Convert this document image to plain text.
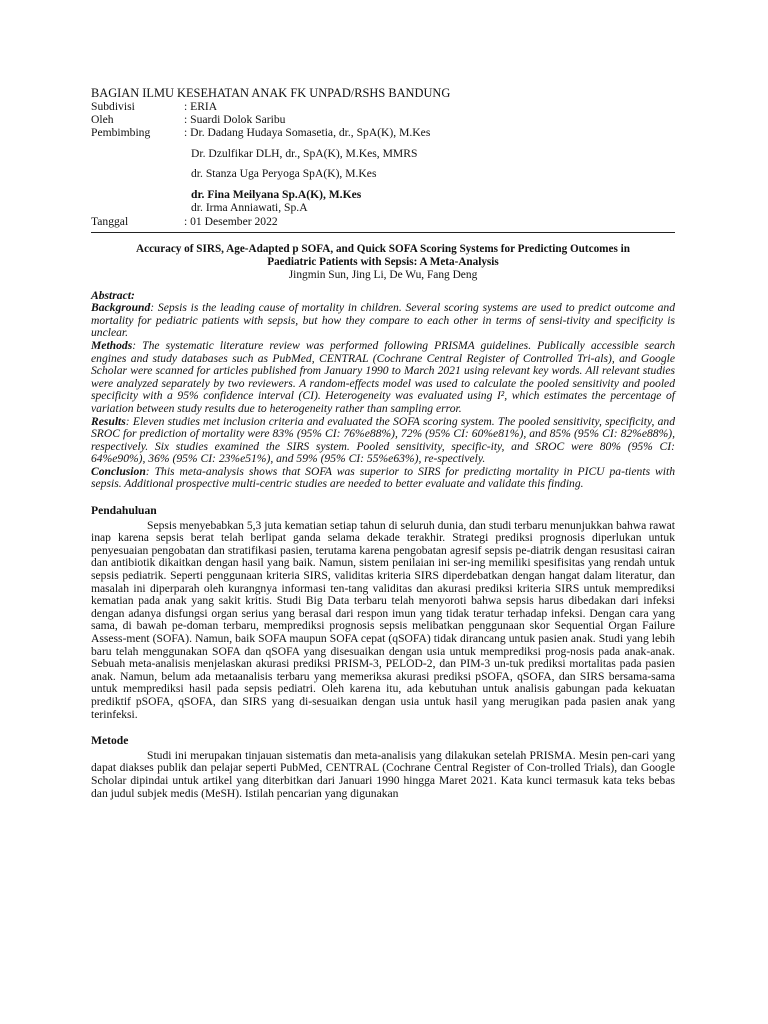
BAGIAN ILMU KESEHATAN ANAK FK UNPAD/RSHS BANDUNG
Subdivisi	: ERIA
Oleh	: Suardi Dolok Saribu
Pembimbing	: Dr. Dadang Hudaya Somasetia, dr., SpA(K), M.Kes
Dr. Dzulfikar DLH, dr., SpA(K), M.Kes, MMRS
dr. Stanza Uga Peryoga SpA(K), M.Kes
dr. Fina Meilyana Sp.A(K), M.Kes
dr. Irma Anniawati, Sp.A
Tanggal	: 01 Desember 2022
Accuracy of SIRS, Age-Adapted p SOFA, and Quick SOFA Scoring Systems for Predicting Outcomes in
Paediatric Patients with Sepsis: A Meta-Analysis
Jingmin Sun, Jing Li, De Wu, Fang Deng
Abstract:
Background: Sepsis is the leading cause of mortality in children. Several scoring systems are used to predict outcome and mortality for pediatric patients with sepsis, but how they compare to each other in terms of sensi-tivity and specificity is unclear.
Methods: The systematic literature review was performed following PRISMA guidelines. Publically accessible search engines and study databases such as PubMed, CENTRAL (Cochrane Central Register of Controlled Tri-als), and Google Scholar were scanned for articles published from January 1990 to March 2021 using relevant key words. All relevant studies were analyzed separately by two reviewers. A random-effects model was used to calculate the pooled sensitivity and pooled specificity with a 95% confidence interval (CI). Heterogeneity was evaluated using I², which estimates the percentage of variation between study results due to heterogeneity rather than sampling error.
Results: Eleven studies met inclusion criteria and evaluated the SOFA scoring system. The pooled sensitivity, specificity, and SROC for prediction of mortality were 83% (95% CI: 76%e88%), 72% (95% CI: 60%e81%), and 85% (95% CI: 82%e88%), respectively. Six studies examined the SIRS system. Pooled sensitivity, specific-ity, and SROC were 80% (95% CI: 64%e90%), 36% (95% CI: 23%e51%), and 59% (95% CI: 55%e63%), re-spectively.
Conclusion: This meta-analysis shows that SOFA was superior to SIRS for predicting mortality in PICU pa-tients with sepsis. Additional prospective multi-centric studies are needed to better evaluate and validate this finding.
Pendahuluan
Sepsis menyebabkan 5,3 juta kematian setiap tahun di seluruh dunia, dan studi terbaru menunjukkan bahwa rawat inap karena sepsis berat telah berlipat ganda selama dekade terakhir. Strategi prediksi prognosis diperlukan untuk penyesuaian pengobatan dan stratifikasi pasien, terutama karena pengobatan agresif sepsis pe-diatrik dengan resusitasi cairan dan antibiotik dikaitkan dengan hasil yang baik. Namun, sistem penilaian ini ser-ing memiliki spesifisitas yang rendah untuk sepsis pediatrik. Seperti penggunaan kriteria SIRS, validitas kriteria SIRS diperdebatkan dengan hangat dalam literatur, dan masalah ini diperparah oleh kurangnya informasi ten-tang validitas dan akurasi prediksi kriteria SIRS untuk memprediksi kematian pada anak yang sakit kritis. Studi Big Data terbaru telah menyoroti bahwa sepsis harus dibedakan dari infeksi dengan adanya disfungsi organ serius yang berasal dari respon imun yang tidak teratur terhadap infeksi. Dengan cara yang sama, di bawah pe-doman terbaru, memprediksi prognosis sepsis melibatkan penggunaan skor Sequential Organ Failure Assess-ment (SOFA). Namun, baik SOFA maupun SOFA cepat (qSOFA) tidak dirancang untuk pasien anak. Studi yang lebih baru telah menggunakan SOFA dan qSOFA yang disesuaikan dengan usia untuk memprediksi prog-nosis pada anak-anak. Sebuah meta-analisis menjelaskan akurasi prediksi PRISM-3, PELOD-2, dan PIM-3 un-tuk prediksi mortalitas pada pasien anak. Namun, belum ada metaanalisis terbaru yang memeriksa akurasi prediksi pSOFA, qSOFA, dan SIRS bersama-sama untuk memprediksi hasil pada sepsis pediatri. Oleh karena itu, ada kebutuhan untuk analisis gabungan pada kekuatan prediktif pSOFA, qSOFA, dan SIRS yang di-sesuaikan dengan usia untuk hasil yang merugikan pada pasien anak yang terinfeksi.
Metode
Studi ini merupakan tinjauan sistematis dan meta-analisis yang dilakukan setelah PRISMA. Mesin pen-cari yang dapat diakses publik dan pelajar seperti PubMed, CENTRAL (Cochrane Central Register of Con-trolled Trials), dan Google Scholar dipindai untuk artikel yang diterbitkan dari Januari 1990 hingga Maret 2021. Kata kunci termasuk kata teks bebas dan judul subjek medis (MeSH). Istilah pencarian yang digunakan
